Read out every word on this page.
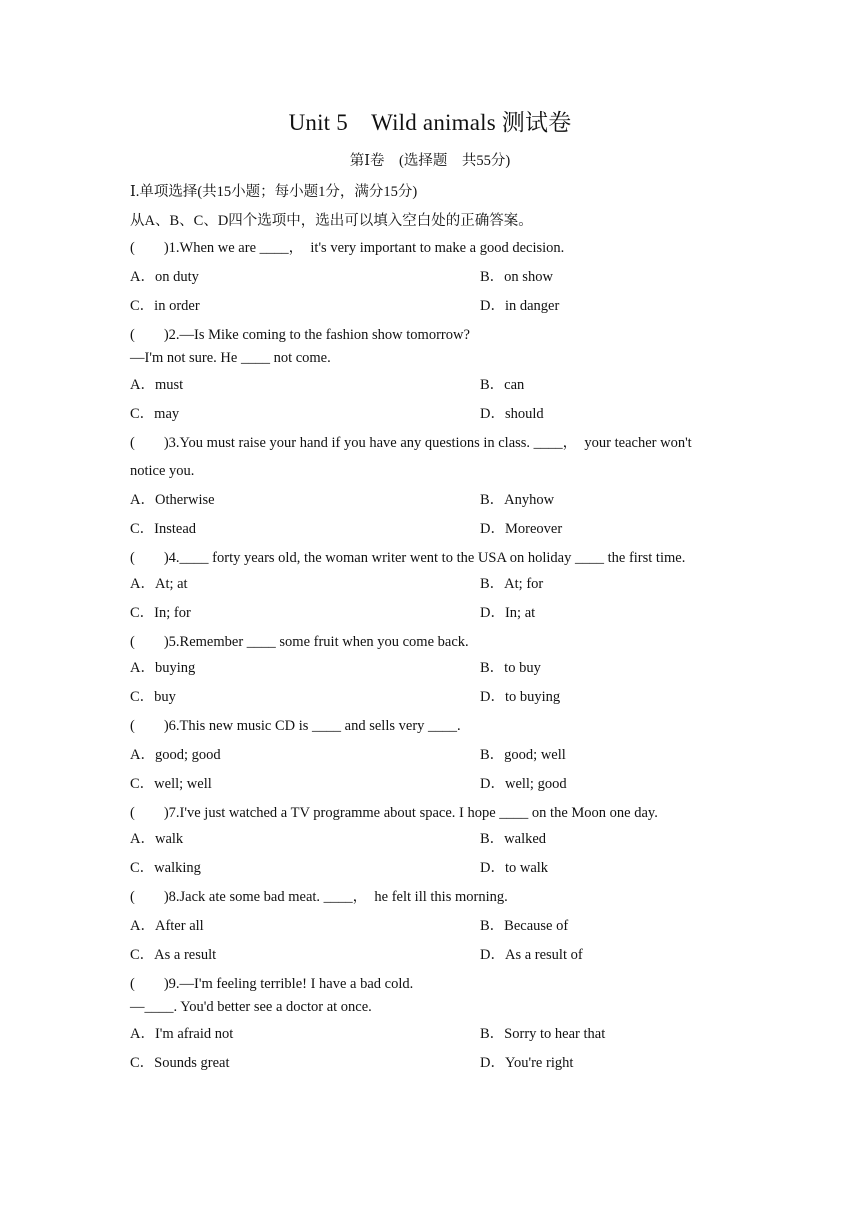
Unit 5　Wild animals 测试卷
第Ⅰ卷　(选择题　共55分)
Ⅰ.单项选择(共15小题；每小题1分，满分15分)
从A、B、C、D四个选项中，选出可以填入空白处的正确答案。
(　　)1.When we are ____，  it's very important to make a good decision.
A．on duty	B．on show
C．in order	D．in danger
(　　)2.—Is Mike coming to the fashion show tomorrow?
—I'm not sure. He ____ not come.
A．must	B．can
C．may	D．should
(　　)3.You must raise your hand if you have any questions in class. ____，  your teacher won't
notice you.
A．Otherwise	B．Anyhow
C．Instead	D．Moreover
(　　)4.____ forty years old, the woman writer went to the USA on holiday ____ the first time.
A．At; at	B．At; for
C．In; for	D．In; at
(　　)5.Remember ____ some fruit when you come back.
A．buying	B．to buy
C．buy	D．to buying
(　　)6.This new music CD is ____ and sells very ____.
A．good; good	B．good; well
C．well; well	D．well; good
(　　)7.I've just watched a TV programme about space. I hope ____ on the Moon one day.
A．walk	B．walked
C．walking	D．to walk
(　　)8.Jack ate some bad meat. ____，  he felt ill this morning.
A．After all	B．Because of
C．As a result	D．As a result of
(　　)9.—I'm feeling terrible! I have a bad cold.
—____. You'd better see a doctor at once.
A．I'm afraid not	B．Sorry to hear that
C．Sounds great	D．You're right
